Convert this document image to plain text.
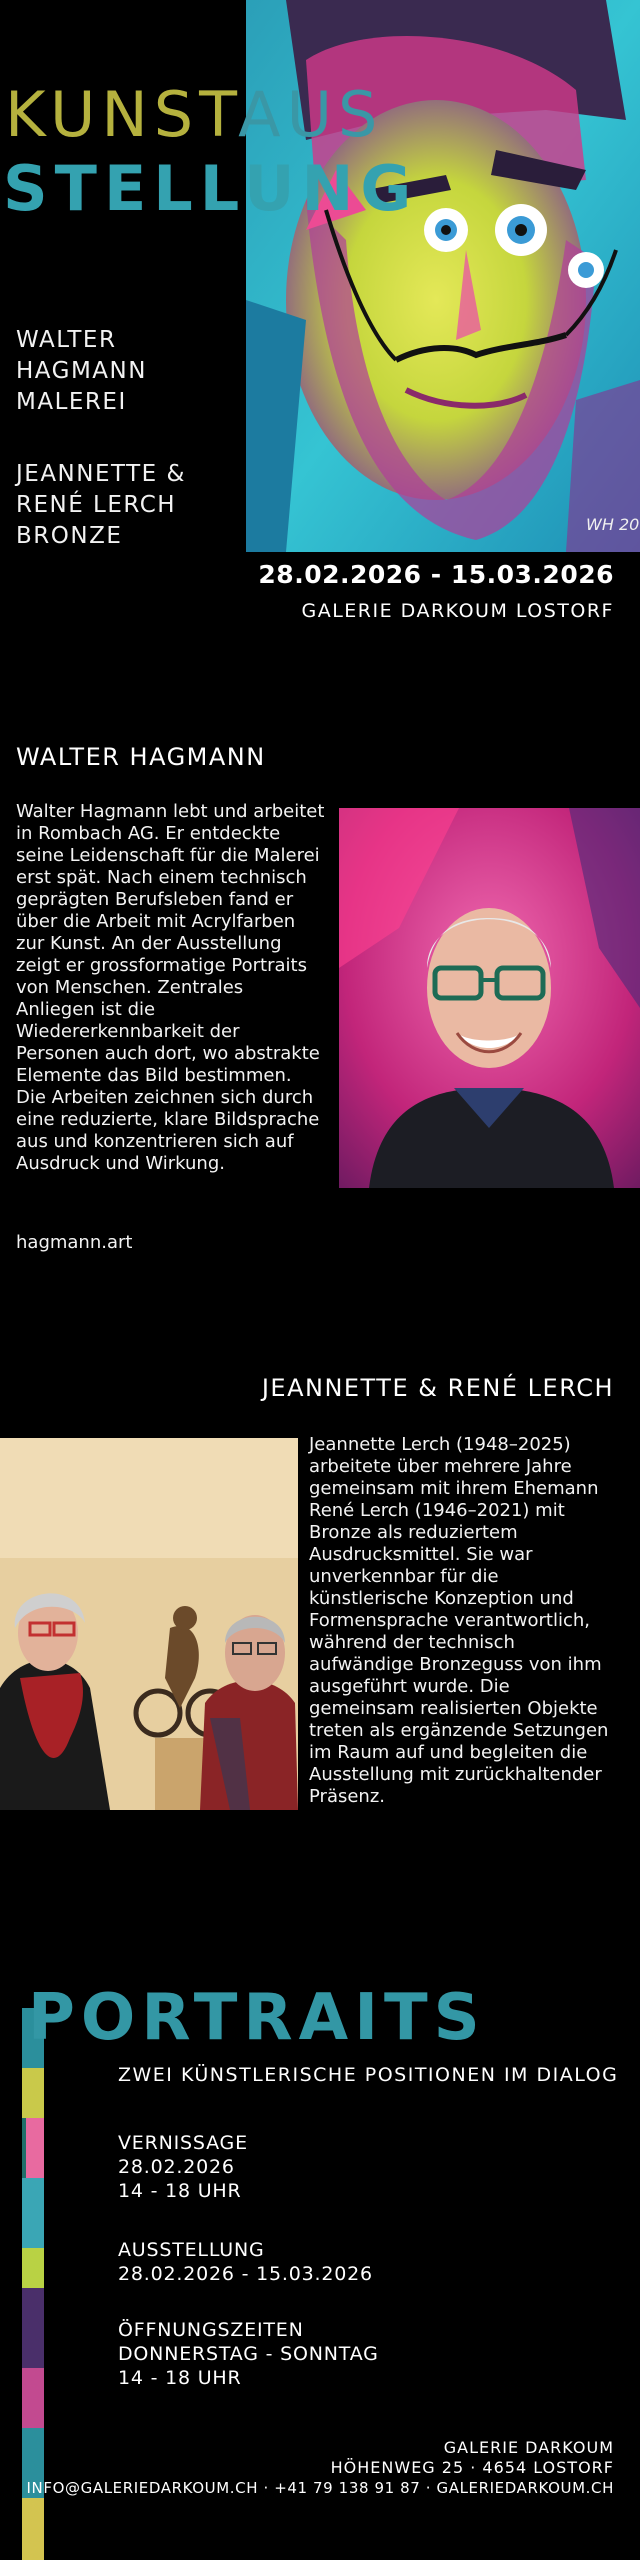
WH 20
KUNSTAUS
STELLUNG
WALTER
HAGMANN
MALEREI
JEANNETTE &
RENÉ LERCH
BRONZE
28.02.2026 - 15.03.2026
GALERIE DARKOUM LOSTORF
WALTER HAGMANN

Walter Hagmann lebt und arbeitet in Rombach AG. Er entdeckte seine Leidenschaft für die Malerei erst spät. Nach einem technisch geprägten Berufsleben fand er über die Arbeit mit Acrylfarben zur Kunst. An der Ausstellung zeigt er grossformatige Portraits von Menschen. Zentrales Anliegen ist die Wiedererkennbarkeit der Personen auch dort, wo abstrakte Elemente das Bild bestimmen. Die Arbeiten zeichnen sich durch eine reduzierte, klare Bildsprache aus und konzentrieren sich auf Ausdruck und Wirkung.

hagmann.art
JEANNETTE & RENÉ LERCH

Jeannette Lerch (1948–2025) arbeitete über mehrere Jahre gemeinsam mit ihrem Ehemann René Lerch (1946–2021) mit Bronze als reduziertem Ausdrucksmittel. Sie war unverkennbar für die künstlerische Konzeption und Formensprache verantwortlich, während der technisch aufwändige Bronzeguss von ihm ausgeführt wurde. Die gemeinsam realisierten Objekte treten als ergänzende Setzungen im Raum auf und begleiten die Ausstellung mit zurückhaltender Präsenz.

PORTRAITS
ZWEI KÜNSTLERISCHE POSITIONEN IM DIALOG
VERNISSAGE
28.02.2026
14 - 18 UHR
AUSSTELLUNG
28.02.2026 - 15.03.2026
ÖFFNUNGSZEITEN
DONNERSTAG - SONNTAG
14 - 18 UHR
GALERIE DARKOUM
HÖHENWEG 25 · 4654 LOSTORF
INFO@GALERIEDARKOUM.CH · +41 79 138 91 87 · GALERIEDARKOUM.CH
